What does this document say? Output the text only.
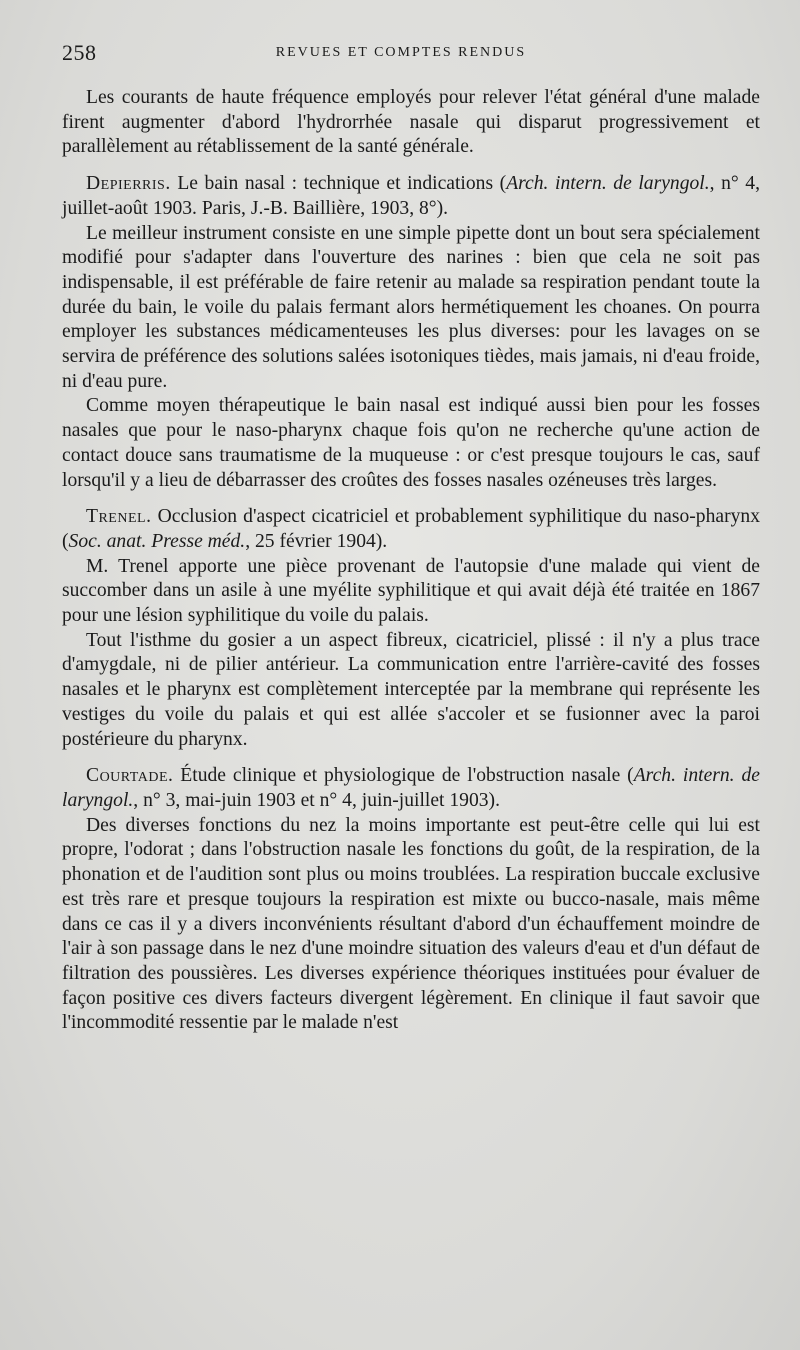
258	REVUES ET COMPTES RENDUS

Les courants de haute fréquence employés pour relever l'état général d'une malade firent augmenter d'abord l'hydrorrhée nasale qui disparut progressivement et parallèlement au rétablissement de la santé générale.

Depierris. Le bain nasal : technique et indications (Arch. intern. de laryngol., n° 4, juillet-août 1903. Paris, J.-B. Baillière, 1903, 8°).

Le meilleur instrument consiste en une simple pipette dont un bout sera spécialement modifié pour s'adapter dans l'ouverture des narines : bien que cela ne soit pas indispensable, il est préférable de faire retenir au malade sa respiration pendant toute la durée du bain, le voile du palais fermant alors hermétiquement les choanes. On pourra employer les substances médicamenteuses les plus diverses: pour les lavages on se servira de préférence des solutions salées isotoniques tièdes, mais jamais, ni d'eau froide, ni d'eau pure.

Comme moyen thérapeutique le bain nasal est indiqué aussi bien pour les fosses nasales que pour le naso-pharynx chaque fois qu'on ne recherche qu'une action de contact douce sans traumatisme de la muqueuse : or c'est presque toujours le cas, sauf lorsqu'il y a lieu de débarrasser des croûtes des fosses nasales ozéneuses très larges.

Trenel. Occlusion d'aspect cicatriciel et probablement syphilitique du naso-pharynx (Soc. anat. Presse méd., 25 février 1904).

M. Trenel apporte une pièce provenant de l'autopsie d'une malade qui vient de succomber dans un asile à une myélite syphilitique et qui avait déjà été traitée en 1867 pour une lésion syphilitique du voile du palais.

Tout l'isthme du gosier a un aspect fibreux, cicatriciel, plissé : il n'y a plus trace d'amygdale, ni de pilier antérieur. La communication entre l'arrière-cavité des fosses nasales et le pharynx est complètement interceptée par la membrane qui représente les vestiges du voile du palais et qui est allée s'accoler et se fusionner avec la paroi postérieure du pharynx.

Courtade. Étude clinique et physiologique de l'obstruction nasale (Arch. intern. de laryngol., n° 3, mai-juin 1903 et n° 4, juin-juillet 1903).

Des diverses fonctions du nez la moins importante est peut-être celle qui lui est propre, l'odorat ; dans l'obstruction nasale les fonctions du goût, de la respiration, de la phonation et de l'audition sont plus ou moins troublées. La respiration buccale exclusive est très rare et presque toujours la respiration est mixte ou bucco-nasale, mais même dans ce cas il y a divers inconvénients résultant d'abord d'un échauffement moindre de l'air à son passage dans le nez d'une moindre situation des valeurs d'eau et d'un défaut de filtration des poussières. Les diverses expérience théoriques instituées pour évaluer de façon positive ces divers facteurs divergent légèrement. En clinique il faut savoir que l'incommodité ressentie par le malade n'est
